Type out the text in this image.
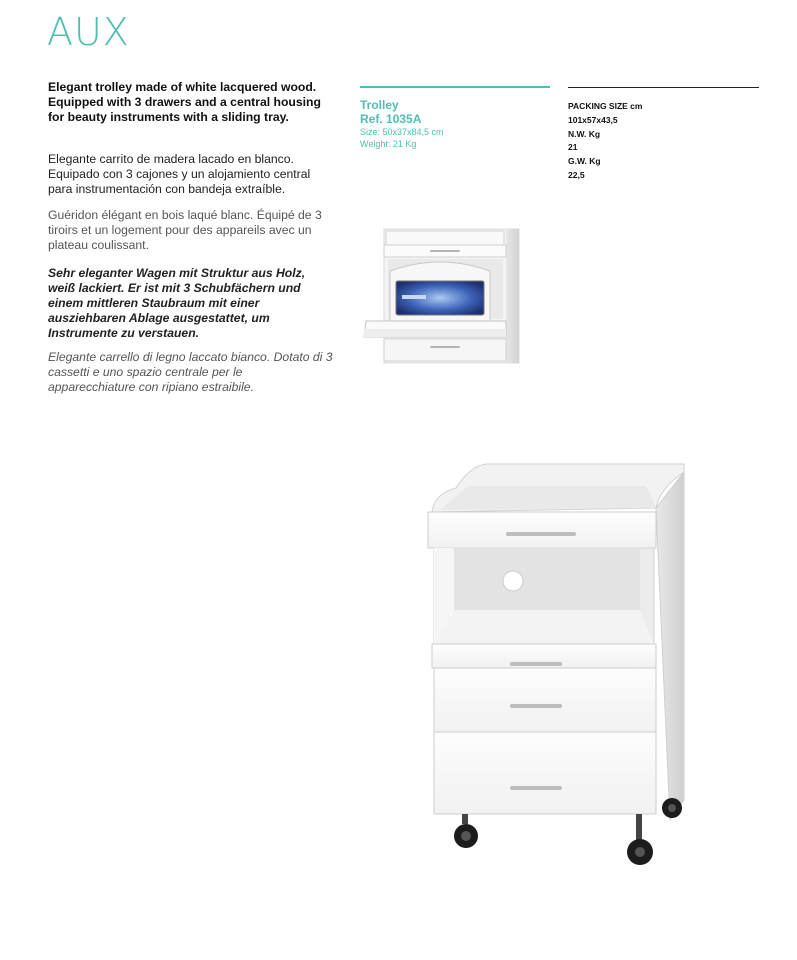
AUX
Elegant trolley made of white lacquered wood. Equipped with 3 drawers and a central housing for beauty instruments with a sliding tray.
Elegante carrito de madera lacado en blanco. Equipado con 3 cajones y un alojamiento central para instrumentación con bandeja extraíble.
Guéridon élégant en bois laqué blanc. Équipé de 3 tiroirs et un logement pour des appareils avec un plateau coulissant.
Sehr eleganter Wagen mit Struktur aus Holz, weiß lackiert. Er ist mit 3 Schubfächern und einem mittleren Staubraum mit einer ausziehbaren Ablage ausgestattet, um Instrumente zu verstauen.
Elegante carrello di legno laccato bianco. Dotato di 3 cassetti e uno spazio centrale per le apparecchiature con ripiano estraibile.
Trolley
Ref. 1035A
Size: 50x37x84,5 cm
Weight: 21 Kg
PACKING SIZE cm
101x57x43,5
N.W. Kg
21
G.W. Kg
22,5
